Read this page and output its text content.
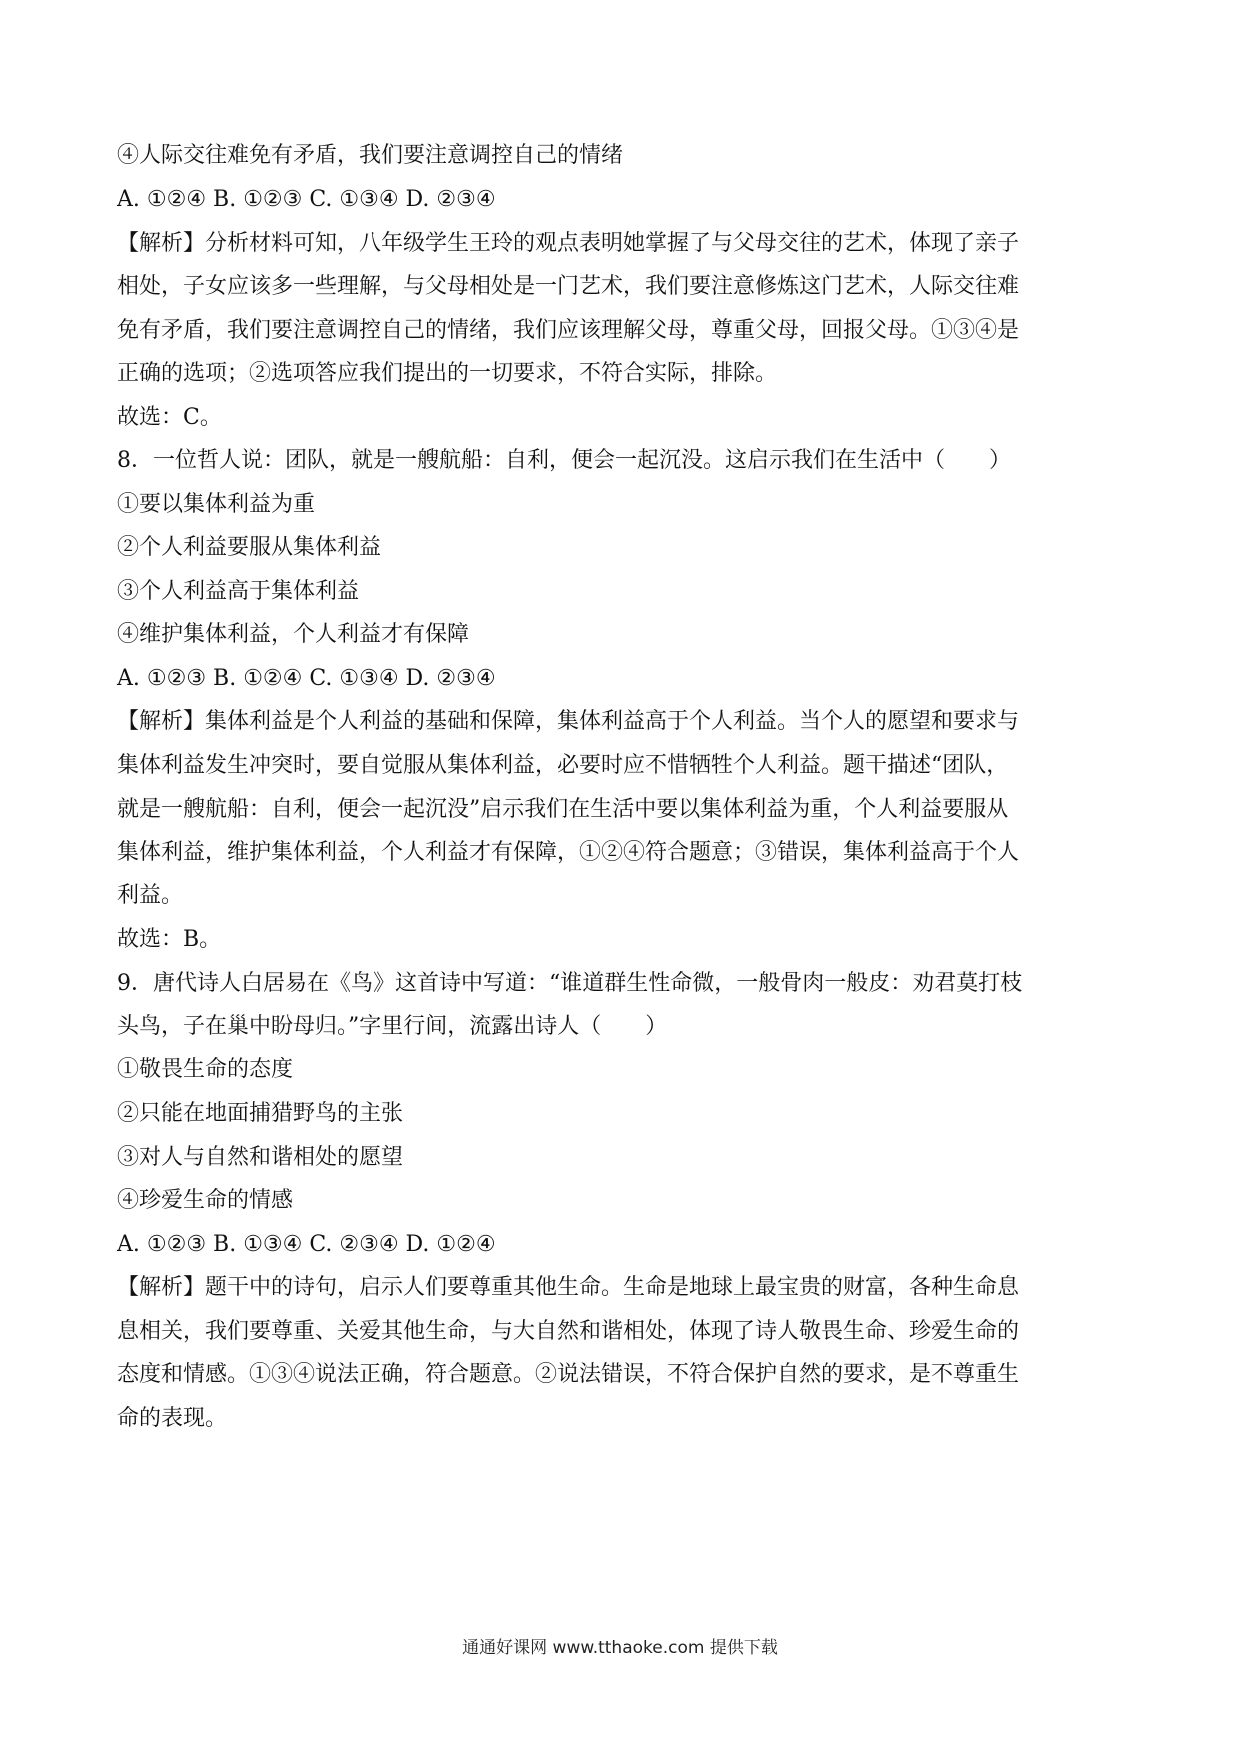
④人际交往难免有矛盾，我们要注意调控自己的情绪
A. ①②④ B. ①②③ C. ①③④ D. ②③④
【解析】分析材料可知，八年级学生王玲的观点表明她掌握了与父母交往的艺术，体现了亲子
相处，子女应该多一些理解，与父母相处是一门艺术，我们要注意修炼这门艺术，人际交往难
免有矛盾，我们要注意调控自己的情绪，我们应该理解父母，尊重父母，回报父母。①③④是
正确的选项；②选项答应我们提出的一切要求，不符合实际，排除。
故选：C。
8．一位哲人说：团队，就是一艘航船：自利，便会一起沉没。这启示我们在生活中（　　）
①要以集体利益为重
②个人利益要服从集体利益
③个人利益高于集体利益
④维护集体利益，个人利益才有保障
A. ①②③ B. ①②④ C. ①③④ D. ②③④
【解析】集体利益是个人利益的基础和保障，集体利益高于个人利益。当个人的愿望和要求与
集体利益发生冲突时，要自觉服从集体利益，必要时应不惜牺牲个人利益。题干描述“团队，
就是一艘航船：自利，便会一起沉没”启示我们在生活中要以集体利益为重，个人利益要服从
集体利益，维护集体利益，个人利益才有保障，①②④符合题意；③错误，集体利益高于个人
利益。
故选：B。
9．唐代诗人白居易在《鸟》这首诗中写道：“谁道群生性命微，一般骨肉一般皮：劝君莫打枝
头鸟，子在巢中盼母归。”字里行间，流露出诗人（　　）
①敬畏生命的态度
②只能在地面捕猎野鸟的主张
③对人与自然和谐相处的愿望
④珍爱生命的情感
A. ①②③ B. ①③④ C. ②③④ D. ①②④
【解析】题干中的诗句，启示人们要尊重其他生命。生命是地球上最宝贵的财富，各种生命息
息相关，我们要尊重、关爱其他生命，与大自然和谐相处，体现了诗人敬畏生命、珍爱生命的
态度和情感。①③④说法正确，符合题意。②说法错误，不符合保护自然的要求，是不尊重生
命的表现。
通通好课网 www.tthaoke.com 提供下载
